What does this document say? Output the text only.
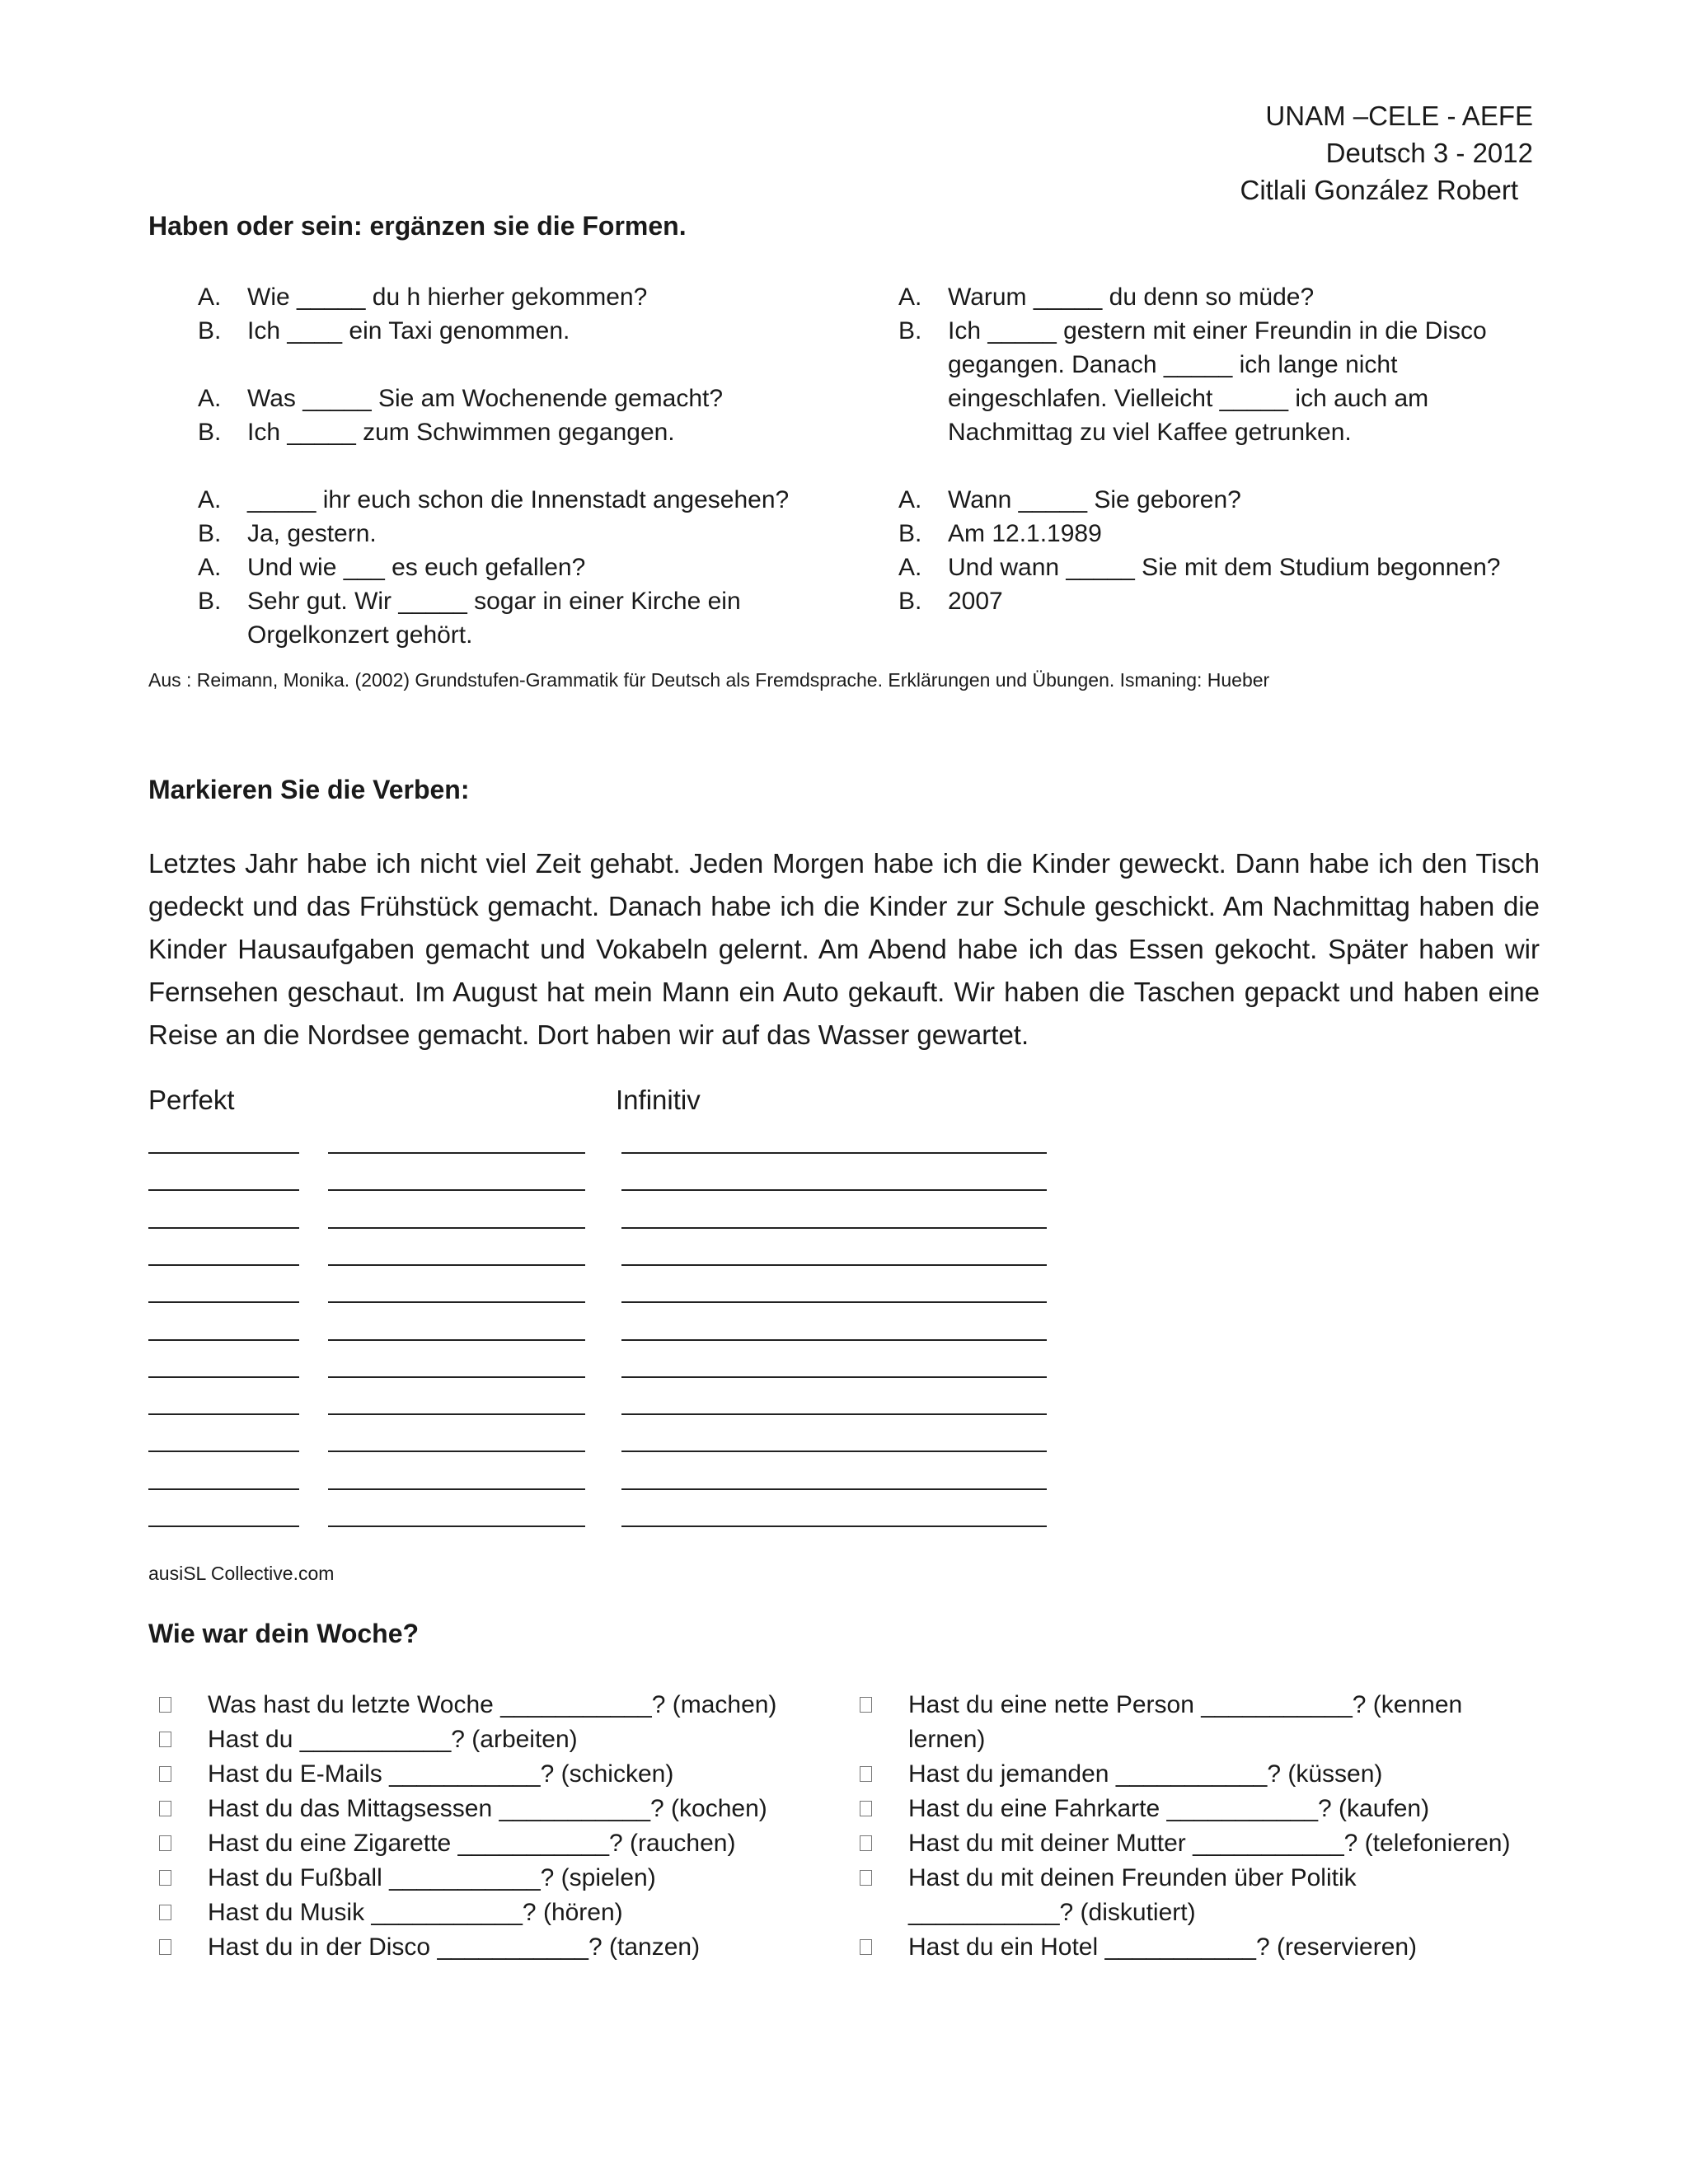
UNAM –CELE - AEFE
Deutsch 3 - 2012
Citlali González Robert
Haben oder sein: ergänzen sie die Formen.
A.	Wie _____ du h hierher gekommen?
B.	Ich ____ ein Taxi genommen.
A.	Was _____ Sie am Wochenende gemacht?
B.	Ich _____ zum Schwimmen gegangen.
A.	_____ ihr euch schon die Innenstadt angesehen?
B.	Ja, gestern.
A.	Und wie ___ es euch gefallen?
B.	Sehr gut. Wir _____ sogar in einer Kirche ein Orgelkonzert gehört.
A.	Warum _____ du denn so müde?
B.	Ich _____ gestern mit einer Freundin in die Disco gegangen. Danach _____ ich lange nicht eingeschlafen. Vielleicht _____ ich auch am Nachmittag zu viel Kaffee getrunken.
A.	Wann _____ Sie geboren?
B.	Am 12.1.1989
A.	Und wann _____ Sie mit dem Studium begonnen?
B.	2007
Aus : Reimann, Monika. (2002) Grundstufen-Grammatik für Deutsch als Fremdsprache. Erklärungen und Übungen. Ismaning: Hueber
Markieren Sie die Verben:
Letztes Jahr habe ich nicht viel Zeit gehabt. Jeden Morgen habe ich die Kinder geweckt. Dann habe ich den Tisch gedeckt und das Frühstück gemacht. Danach habe ich die Kinder zur Schule geschickt. Am Nachmittag haben die Kinder Hausaufgaben gemacht und Vokabeln gelernt. Am Abend habe ich das Essen gekocht. Später haben wir Fernsehen geschaut. Im August hat mein Mann ein Auto gekauft. Wir haben die Taschen gepackt und haben eine Reise an die Nordsee gemacht. Dort haben wir auf das Wasser gewartet.
Perfekt	Infinitiv
ausiSL Collective.com
Wie war dein Woche?
Was hast du letzte Woche ___________? (machen)
Hast du ___________? (arbeiten)
Hast du E-Mails ___________? (schicken)
Hast du das Mittagsessen ___________? (kochen)
Hast du eine Zigarette ___________? (rauchen)
Hast du Fußball ___________? (spielen)
Hast du Musik ___________? (hören)
Hast du in der Disco ___________? (tanzen)
Hast du eine nette Person ___________? (kennen lernen)
Hast du jemanden ___________? (küssen)
Hast du eine Fahrkarte ___________? (kaufen)
Hast du mit deiner Mutter ___________? (telefonieren)
Hast du mit deinen Freunden über Politik ___________? (diskutiert)
Hast du ein Hotel ___________? (reservieren)
